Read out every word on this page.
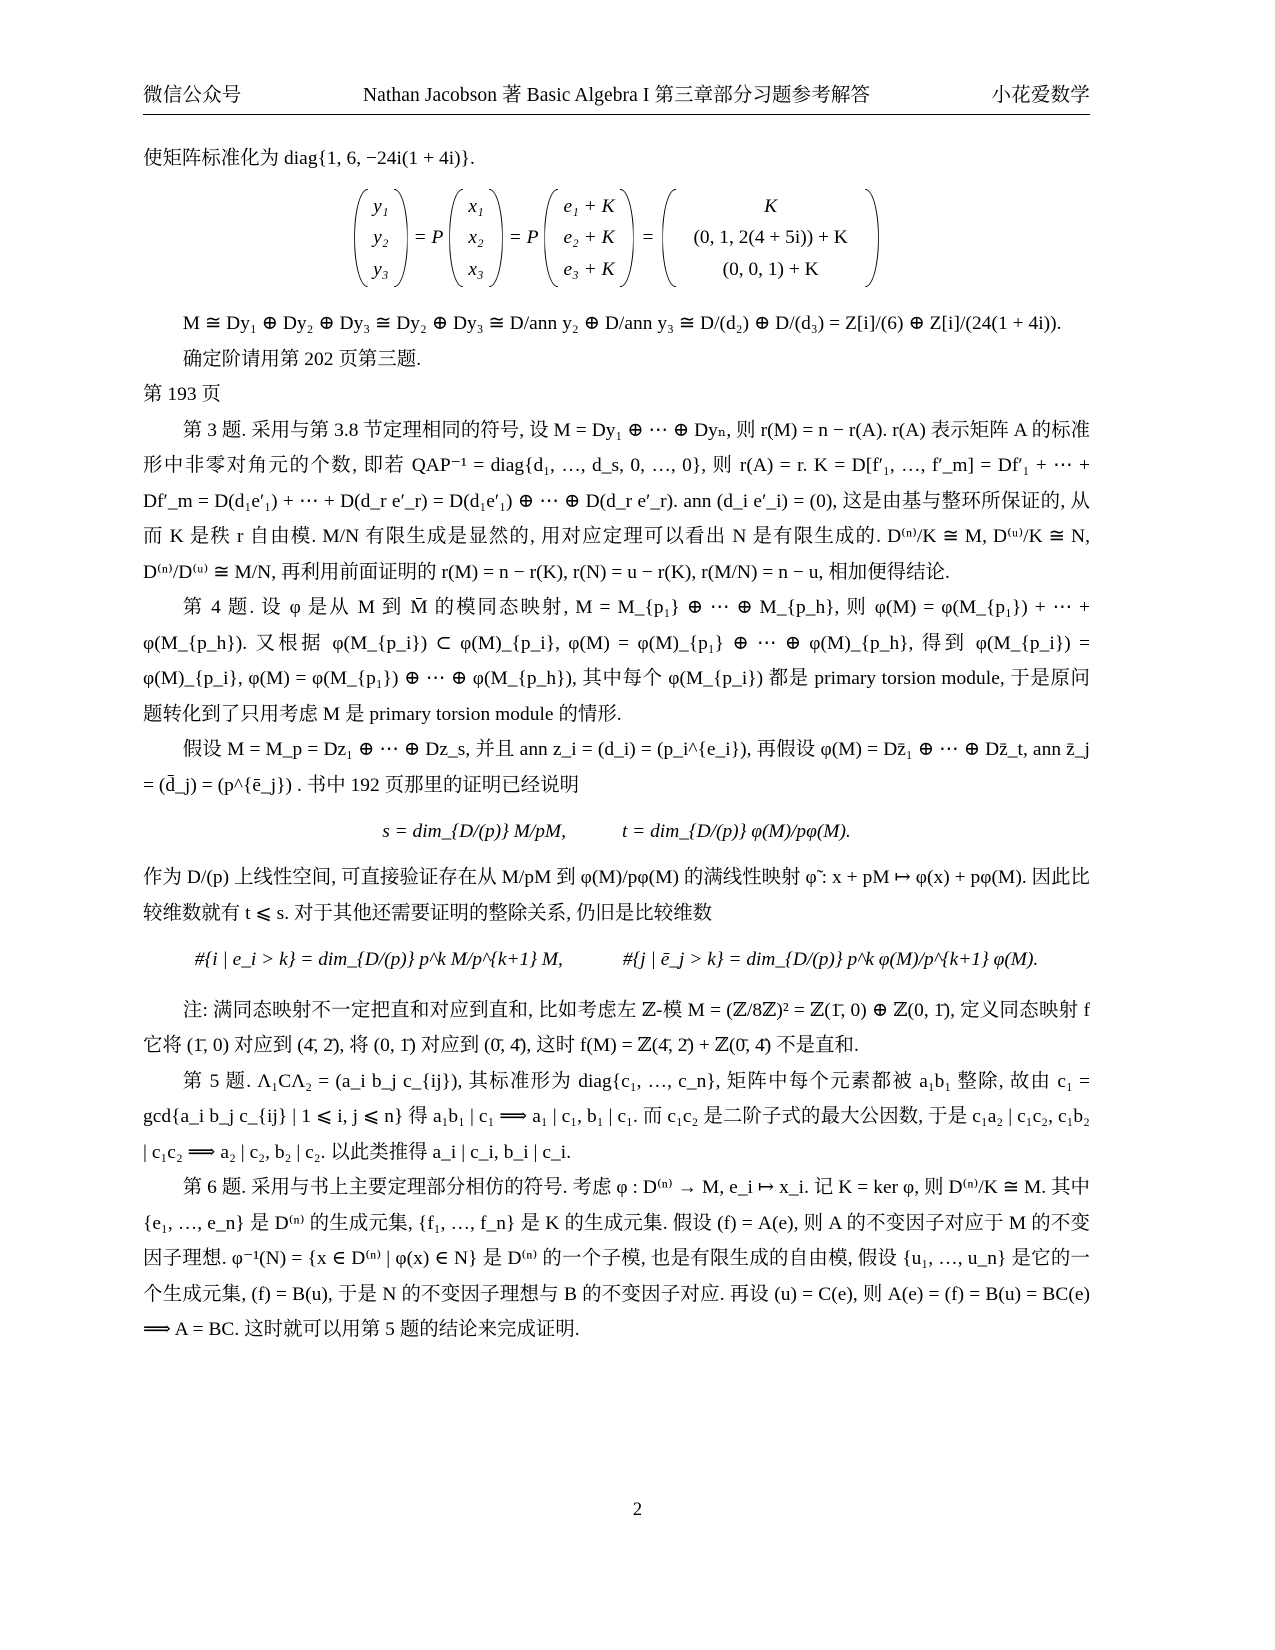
微信公众号	Nathan Jacobson 著 Basic Algebra I 第三章部分习题参考解答	小花爱数学
使矩阵标准化为 diag{1, 6, −24i(1 + 4i)}.
y₁
y₂
y₃
= P
x₁
x₂
x₃
= P
e₁ + K
e₂ + K
e₃ + K
=
K
(0, 1, 2(4 + 5i)) + K
(0, 0, 1) + K
M ≅ Dy₁ ⊕ Dy₂ ⊕ Dy₃ ≅ Dy₂ ⊕ Dy₃ ≅ D/ann y₂ ⊕ D/ann y₃ ≅ D/(d₂) ⊕ D/(d₃) = Z[i]/(6) ⊕ Z[i]/(24(1 + 4i)).
确定阶请用第 202 页第三题.
第 193 页
第 3 题. 采用与第 3.8 节定理相同的符号, 设 M = Dy₁ ⊕ ⋯ ⊕ Dyₙ, 则 r(M) = n − r(A). r(A) 表示矩阵 A 的标准形中非零对角元的个数, 即若 QAP⁻¹ = diag{d₁, …, d_s, 0, …, 0}, 则 r(A) = r. K = D[f′₁, …, f′_m] = Df′₁ + ⋯ + Df′_m = D(d₁e′₁) + ⋯ + D(d_r e′_r) = D(d₁e′₁) ⊕ ⋯ ⊕ D(d_r e′_r). ann (d_i e′_i) = (0), 这是由基与整环所保证的, 从而 K 是秩 r 自由模. M/N 有限生成是显然的, 用对应定理可以看出 N 是有限生成的. D⁽ⁿ⁾/K ≅ M, D⁽ᵘ⁾/K ≅ N, D⁽ⁿ⁾/D⁽ᵘ⁾ ≅ M/N, 再利用前面证明的 r(M) = n − r(K), r(N) = u − r(K), r(M/N) = n − u, 相加便得结论.
第 4 题. 设 φ 是从 M 到 M̄ 的模同态映射, M = M_{p₁} ⊕ ⋯ ⊕ M_{p_h}, 则 φ(M) = φ(M_{p₁}) + ⋯ + φ(M_{p_h}). 又根据 φ(M_{p_i}) ⊂ φ(M)_{p_i}, φ(M) = φ(M)_{p₁} ⊕ ⋯ ⊕ φ(M)_{p_h}, 得到 φ(M_{p_i}) = φ(M)_{p_i}, φ(M) = φ(M_{p₁}) ⊕ ⋯ ⊕ φ(M_{p_h}), 其中每个 φ(M_{p_i}) 都是 primary torsion module, 于是原问题转化到了只用考虑 M 是 primary torsion module 的情形.
假设 M = M_p = Dz₁ ⊕ ⋯ ⊕ Dz_s, 并且 ann z_i = (d_i) = (p_i^{e_i}), 再假设 φ(M) = Dz̄₁ ⊕ ⋯ ⊕ Dz̄_t, ann z̄_j = (d̄_j) = (p^{ē_j}) . 书中 192 页那里的证明已经说明
s = dim_{D/(p)} M/pM,	t = dim_{D/(p)} φ(M)/pφ(M).
作为 D/(p) 上线性空间, 可直接验证存在从 M/pM 到 φ(M)/pφ(M) 的满线性映射 φ̃ : x + pM ↦ φ(x) + pφ(M). 因此比较维数就有 t ⩽ s. 对于其他还需要证明的整除关系, 仍旧是比较维数
#{i | e_i > k} = dim_{D/(p)} p^k M/p^{k+1} M,	#{j | ē_j > k} = dim_{D/(p)} p^k φ(M)/p^{k+1} φ(M).
注: 满同态映射不一定把直和对应到直和, 比如考虑左 ℤ-模 M = (ℤ/8ℤ)² = ℤ(1̄, 0) ⊕ ℤ(0, 1̄), 定义同态映射 f 它将 (1̄, 0) 对应到 (4̄, 2̄), 将 (0, 1̄) 对应到 (0̄, 4̄), 这时 f(M) = ℤ(4̄, 2̄) + ℤ(0̄, 4̄) 不是直和.
第 5 题. Λ₁CΛ₂ = (a_i b_j c_{ij}), 其标准形为 diag{c₁, …, c_n}, 矩阵中每个元素都被 a₁b₁ 整除, 故由 c₁ = gcd{a_i b_j c_{ij} | 1 ⩽ i, j ⩽ n} 得 a₁b₁ | c₁ ⟹ a₁ | c₁, b₁ | c₁. 而 c₁c₂ 是二阶子式的最大公因数, 于是 c₁a₂ | c₁c₂, c₁b₂ | c₁c₂ ⟹ a₂ | c₂, b₂ | c₂. 以此类推得 a_i | c_i, b_i | c_i.
第 6 题. 采用与书上主要定理部分相仿的符号. 考虑 φ : D⁽ⁿ⁾ → M, e_i ↦ x_i. 记 K = ker φ, 则 D⁽ⁿ⁾/K ≅ M. 其中 {e₁, …, e_n} 是 D⁽ⁿ⁾ 的生成元集, {f₁, …, f_n} 是 K 的生成元集. 假设 (f) = A(e), 则 A 的不变因子对应于 M 的不变因子理想. φ⁻¹(N) = {x ∈ D⁽ⁿ⁾ | φ(x) ∈ N} 是 D⁽ⁿ⁾ 的一个子模, 也是有限生成的自由模, 假设 {u₁, …, u_n} 是它的一个生成元集, (f) = B(u), 于是 N 的不变因子理想与 B 的不变因子对应. 再设 (u) = C(e), 则 A(e) = (f) = B(u) = BC(e) ⟹ A = BC. 这时就可以用第 5 题的结论来完成证明.
2
